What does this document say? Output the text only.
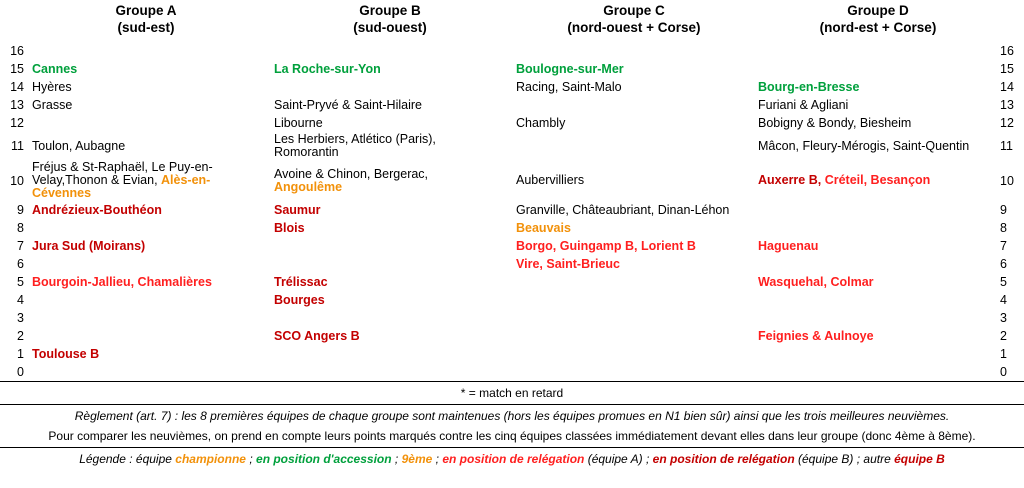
Groupe A
(sud-est)
Groupe B
(sud-ouest)
Groupe C
(nord-ouest + Corse)
Groupe D
(nord-est + Corse)
16					16
15	Cannes	La Roche-sur-Yon	Boulogne-sur-Mer		15
14	Hyères		Racing, Saint-Malo	Bourg-en-Bresse	14
13	Grasse	Saint-Pryvé & Saint-Hilaire		Furiani & Agliani	13
12		Libourne	Chambly	Bobigny & Bondy, Biesheim	12
11	Toulon, Aubagne	Les Herbiers, Atlético (Paris),
Romorantin		Mâcon, Fleury-Mérogis, Saint-Quentin	11
10	Fréjus & St-Raphaël, Le Puy-en-Velay,Thonon & Evian, Alès-en-Cévennes	Avoine & Chinon, Bergerac,
Angoulême	Aubervilliers	Auxerre B, Créteil, Besançon	10
9	Andrézieux-Bouthéon	Saumur	Granville, Châteaubriant, Dinan-Léhon		9
8		Blois	Beauvais		8
7	Jura Sud (Moirans)		Borgo, Guingamp B, Lorient B	Haguenau	7
6			Vire, Saint-Brieuc		6
5	Bourgoin-Jallieu, Chamalières	Trélissac		Wasquehal, Colmar	5
4		Bourges			4
3					3
2		SCO Angers B		Feignies & Aulnoye	2
1	Toulouse B				1
0					0
* = match en retard
Règlement (art. 7) : les 8 premières équipes de chaque groupe sont maintenues (hors les équipes promues en N1 bien sûr) ainsi que les trois meilleures neuvièmes.
Pour comparer les neuvièmes, on prend en compte leurs points marqués contre les cinq équipes classées immédiatement devant elles dans leur groupe (donc 4ème à 8ème).
Légende : équipe championne ; en position d'accession ; 9ème ; en position de relégation (équipe A) ; en position de relégation (équipe B) ; autre équipe B
